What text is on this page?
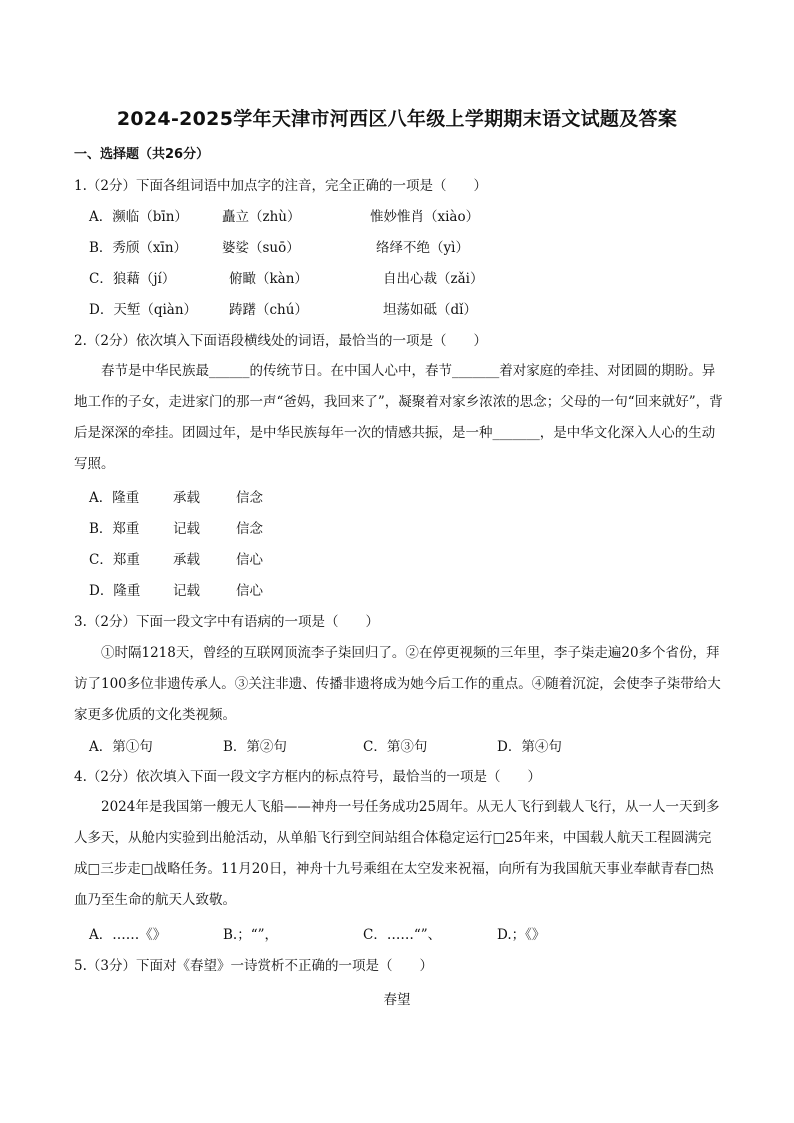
2024-2025学年天津市河西区八年级上学期期末语文试题及答案
一、选择题（共26分）
1.（2分）下面各组词语中加点字的注音，完全正确的一项是（　　）
A．濒临（bīn）	矗立（zhù）	惟妙惟肖（xiào）
B．秀颀（xīn）	婆娑（suō）	络绎不绝（yì）
C．狼藉（jí）	俯瞰（kàn）	自出心裁（zǎi）
D．天堑（qiàn） 踌躇（chú）	坦荡如砥（dǐ）
2.（2分）依次填入下面语段横线处的词语，最恰当的一项是（　　）
春节是中华民族最______的传统节日。在中国人心中，春节_______着对家庭的牵挂、对团圆的期盼。异地工作的子女，走进家门的那一声“爸妈，我回来了”，凝聚着对家乡浓浓的思念；父母的一句“回来就好”，背后是深深的牵挂。团圆过年，是中华民族每年一次的情感共振，是一种_______，是中华文化深入人心的生动写照。
A．隆重	承载	信念
B．郑重 记载	信念
C．郑重 承载	信心
D．隆重 记载	信心
3.（2分）下面一段文字中有语病的一项是（　　）
①时隔1218天，曾经的互联网顶流李子柒回归了。②在停更视频的三年里，李子柒走遍20多个省份，拜访了100多位非遗传承人。③关注非遗、传播非遗将成为她今后工作的重点。④随着沉淀，会使李子柒带给大家更多优质的文化类视频。
A．第①句	B．第②句	C．第③句	D．第④句
4.（2分）依次填入下面一段文字方框内的标点符号，最恰当的一项是（　　）
2024年是我国第一艘无人飞船——神舟一号任务成功25周年。从无人飞行到载人飞行，从一人一天到多人多天，从舱内实验到出舱活动，从单船飞行到空间站组合体稳定运行□25年来，中国载人航天工程圆满完成□三步走□战略任务。11月20日，神舟十九号乘组在太空发来祝福，向所有为我国航天事业奉献青春□热血乃至生命的航天人致敬。
A．……《》	B.；“”，	C．……“”、	D.；《》
5.（3分）下面对《春望》一诗赏析不正确的一项是（　　）
春望
